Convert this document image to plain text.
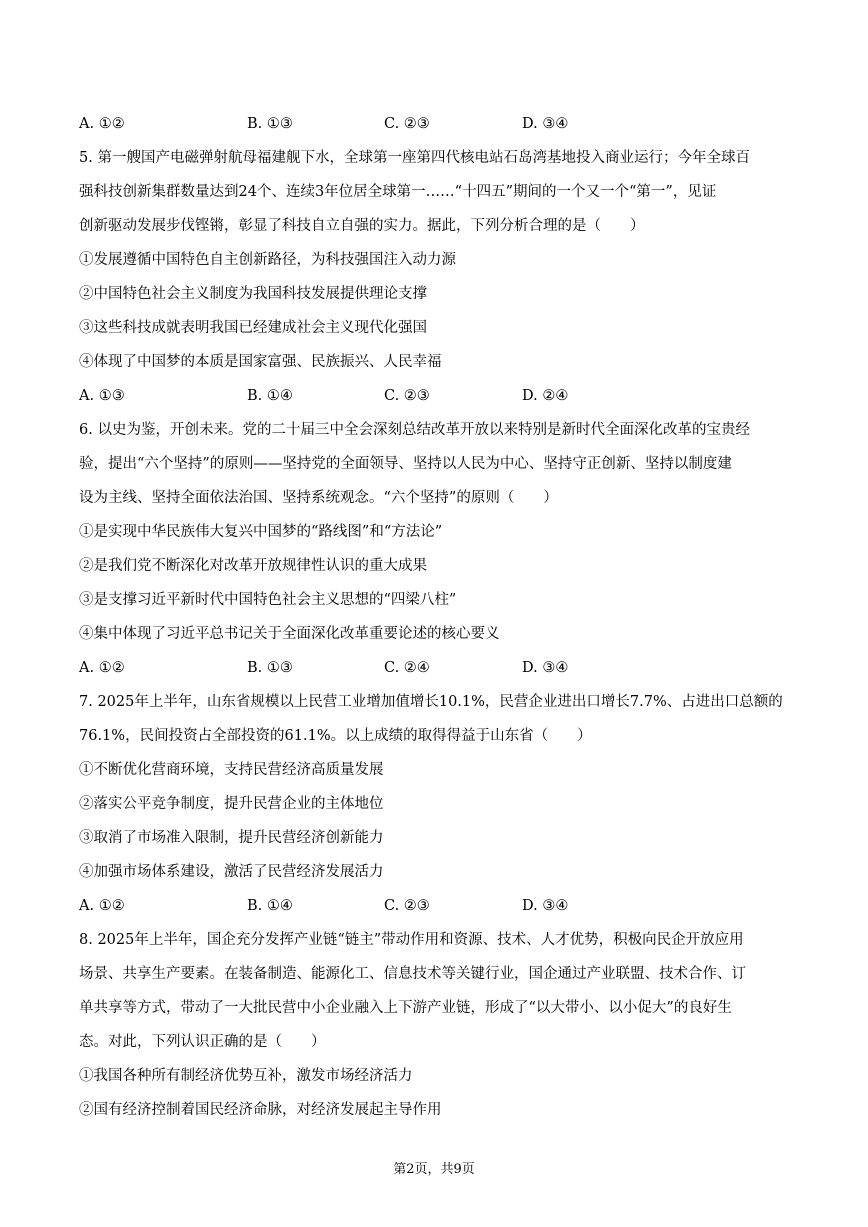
A. ①②	B. ①③	C. ②③	D. ③④
5. 第一艘国产电磁弹射航母福建舰下水，全球第一座第四代核电站石岛湾基地投入商业运行；今年全球百
强科技创新集群数量达到24个、连续3年位居全球第一……“十四五”期间的一个又一个“第一”，见证
创新驱动发展步伐铿锵，彰显了科技自立自强的实力。据此，下列分析合理的是（　　）
①发展遵循中国特色自主创新路径，为科技强国注入动力源
②中国特色社会主义制度为我国科技发展提供理论支撑
③这些科技成就表明我国已经建成社会主义现代化强国
④体现了中国梦的本质是国家富强、民族振兴、人民幸福
A. ①③	B. ①④	C. ②③	D. ②④
6. 以史为鉴，开创未来。党的二十届三中全会深刻总结改革开放以来特别是新时代全面深化改革的宝贵经
验，提出“六个坚持”的原则——坚持党的全面领导、坚持以人民为中心、坚持守正创新、坚持以制度建
设为主线、坚持全面依法治国、坚持系统观念。“六个坚持”的原则（　　）
①是实现中华民族伟大复兴中国梦的“路线图”和“方法论”
②是我们党不断深化对改革开放规律性认识的重大成果
③是支撑习近平新时代中国特色社会主义思想的“四梁八柱”
④集中体现了习近平总书记关于全面深化改革重要论述的核心要义
A. ①②	B. ①③	C. ②④	D. ③④
7. 2025年上半年，山东省规模以上民营工业增加值增长10.1%，民营企业进出口增长7.7%、占进出口总额的
76.1%，民间投资占全部投资的61.1%。以上成绩的取得得益于山东省（　　）
①不断优化营商环境，支持民营经济高质量发展
②落实公平竞争制度，提升民营企业的主体地位
③取消了市场准入限制，提升民营经济创新能力
④加强市场体系建设，激活了民营经济发展活力
A. ①②	B. ①④	C. ②③	D. ③④
8. 2025年上半年，国企充分发挥产业链“链主”带动作用和资源、技术、人才优势，积极向民企开放应用
场景、共享生产要素。在装备制造、能源化工、信息技术等关键行业，国企通过产业联盟、技术合作、订
单共享等方式，带动了一大批民营中小企业融入上下游产业链，形成了“以大带小、以小促大”的良好生
态。对此，下列认识正确的是（　　）
①我国各种所有制经济优势互补，激发市场经济活力
②国有经济控制着国民经济命脉，对经济发展起主导作用
第2页，共9页
